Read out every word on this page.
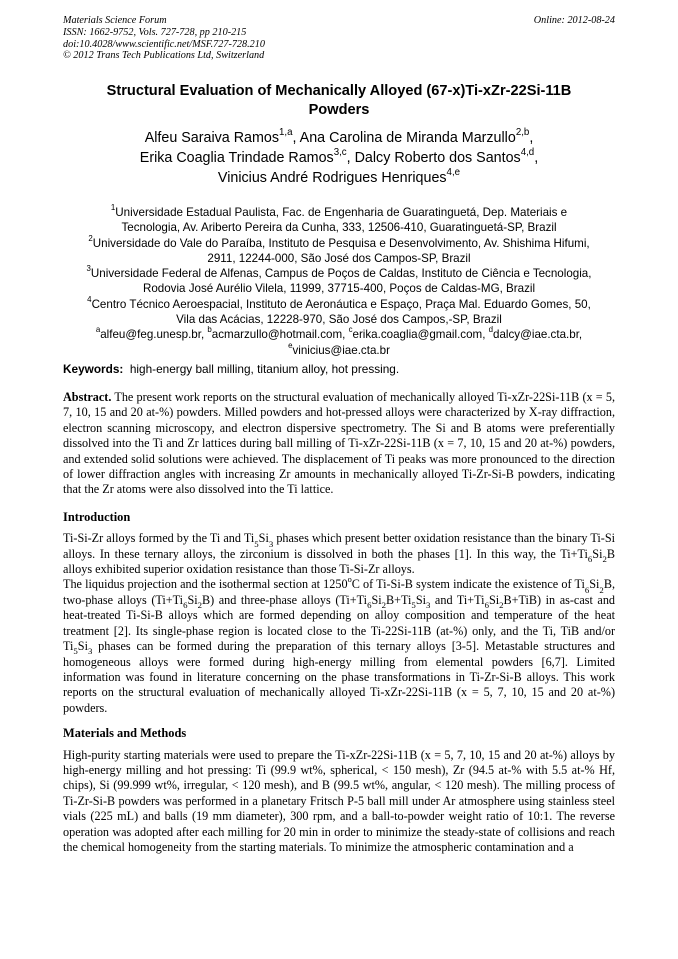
Materials Science Forum
ISSN: 1662-9752, Vols. 727-728, pp 210-215
doi:10.4028/www.scientific.net/MSF.727-728.210
© 2012 Trans Tech Publications Ltd, Switzerland
Online: 2012-08-24
Structural Evaluation of Mechanically Alloyed (67-x)Ti-xZr-22Si-11B
Powders
Alfeu Saraiva Ramos$^{1,a}$, Ana Carolina de Miranda Marzullo$^{2,b}$,
Erika Coaglia Trindade Ramos$^{3,c}$, Dalcy Roberto dos Santos$^{4,d}$,
Vinicius André Rodrigues Henriques$^{4,e}$
$^1$Universidade Estadual Paulista, Fac. de Engenharia de Guaratinguetá, Dep. Materiais e
Tecnologia, Av. Ariberto Pereira da Cunha, 333, 12506-410, Guaratinguetá-SP, Brazil
$^2$Universidade do Vale do Paraíba, Instituto de Pesquisa e Desenvolvimento, Av. Shishima Hifumi,
2911, 12244-000, São José dos Campos-SP, Brazil
$^3$Universidade Federal de Alfenas, Campus de Poços de Caldas, Instituto de Ciência e Tecnologia,
Rodovia José Aurélio Vilela, 11999, 37715-400, Poços de Caldas-MG, Brazil
$^4$Centro Técnico Aeroespacial, Instituto de Aeronáutica e Espaço, Praça Mal. Eduardo Gomes, 50,
Vila das Acácias, 12228-970, São José dos Campos,-SP, Brazil
$^a$alfeu@feg.unesp.br, $^b$acmarzullo@hotmail.com, $^c$erika.coaglia@gmail.com, $^d$dalcy@iae.cta.br,
$^e$vinicius@iae.cta.br
Keywords:  high-energy ball milling, titanium alloy, hot pressing.

Abstract. The present work reports on the structural evaluation of mechanically alloyed Ti-xZr-22Si-11B (x = 5, 7, 10, 15 and 20 at-%) powders. Milled powders and hot-pressed alloys were characterized by X-ray diffraction, electron scanning microscopy, and electron dispersive spectrometry. The Si and B atoms were preferentially dissolved into the Ti and Zr lattices during ball milling of Ti-xZr-22Si-11B (x = 7, 10, 15 and 20 at-%) powders, and extended solid solutions were achieved. The displacement of Ti peaks was more pronounced to the direction of lower diffraction angles with increasing Zr amounts in mechanically alloyed Ti-Zr-Si-B powders, indicating that the Zr atoms were also dissolved into the Ti lattice.

Introduction

Ti-Si-Zr alloys formed by the Ti and $Ti_5Si_3$ phases which present better oxidation resistance than the binary Ti-Si alloys. In these ternary alloys, the zirconium is dissolved in both the phases [1]. In this way, the $Ti+Ti_6Si_2B$ alloys exhibited superior oxidation resistance than those Ti-Si-Zr alloys.

The liquidus projection and the isothermal section at 1250$^o$C of Ti-Si-B system indicate the existence of $Ti_6Si_2B$, two-phase alloys $(Ti+Ti_6Si_2B)$ and three-phase alloys ($Ti+Ti_6Si_2B+Ti_5Si_3$ and $Ti+Ti_6Si_2B+TiB$) in as-cast and heat-treated Ti-Si-B alloys which are formed depending on alloy composition and temperature of the heat treatment [2]. Its single-phase region is located close to the Ti-22Si-11B (at-%) only, and the Ti, TiB and/or $Ti_5Si_3$ phases can be formed during the preparation of this ternary alloys [3-5]. Metastable structures and homogeneous alloys were formed during high-energy milling from elemental powders [6,7]. Limited information was found in literature concerning on the phase transformations in Ti-Zr-Si-B alloys. This work reports on the structural evaluation of mechanically alloyed Ti-xZr-22Si-11B (x = 5, 7, 10, 15 and 20 at-%) powders.

Materials and Methods

High-purity starting materials were used to prepare the Ti-xZr-22Si-11B (x = 5, 7, 10, 15 and 20 at-%) alloys by high-energy milling and hot pressing: Ti (99.9 wt%, spherical, < 150 mesh), Zr (94.5 at-% with 5.5 at-% Hf, chips), Si (99.999 wt%, irregular, < 120 mesh), and B (99.5 wt%, angular, < 120 mesh). The milling process of Ti-Zr-Si-B powders was performed in a planetary Fritsch P-5 ball mill under Ar atmosphere using stainless steel vials (225 mL) and balls (19 mm diameter), 300 rpm, and a ball-to-powder weight ratio of 10:1. The reverse operation was adopted after each milling for 20 min in order to minimize the steady-state of collisions and reach the chemical homogeneity from the starting materials. To minimize the atmospheric contamination and a
